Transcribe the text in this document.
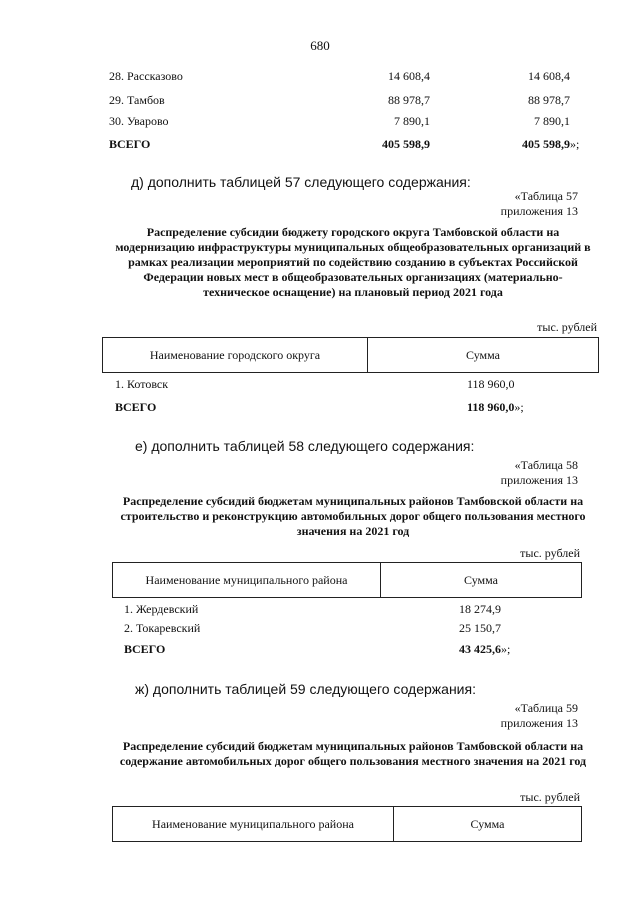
680
28. Рассказово	14 608,4	14 608,4
29. Тамбов	88 978,7	88 978,7
30. Уварово	7 890,1	7 890,1
ВСЕГО	405 598,9	405 598,9»;
д) дополнить таблицей 57 следующего содержания:
«Таблица 57
приложения 13
Распределение субсидии бюджету городского округа Тамбовской области на модернизацию инфраструктуры муниципальных общеобразовательных организаций в рамках реализации мероприятий по содействию созданию в субъектах Российской Федерации новых мест в общеобразовательных организациях (материально-техническое оснащение) на плановый период 2021 года
тыс. рублей
Наименование городского округа	Сумма
1. Котовск	118 960,0
ВСЕГО	118 960,0»;
е) дополнить таблицей 58 следующего содержания:
«Таблица 58
приложения 13
Распределение субсидий бюджетам муниципальных районов Тамбовской области на строительство и реконструкцию автомобильных дорог общего пользования местного значения на 2021 год
тыс. рублей
Наименование муниципального района	Сумма
1. Жердевский	18 274,9
2. Токаревский	25 150,7
ВСЕГО	43 425,6»;
ж) дополнить таблицей 59 следующего содержания:
«Таблица 59
приложения 13
Распределение субсидий бюджетам муниципальных районов Тамбовской области на содержание автомобильных дорог общего пользования местного значения на 2021 год
тыс. рублей
Наименование муниципального района	Сумма
